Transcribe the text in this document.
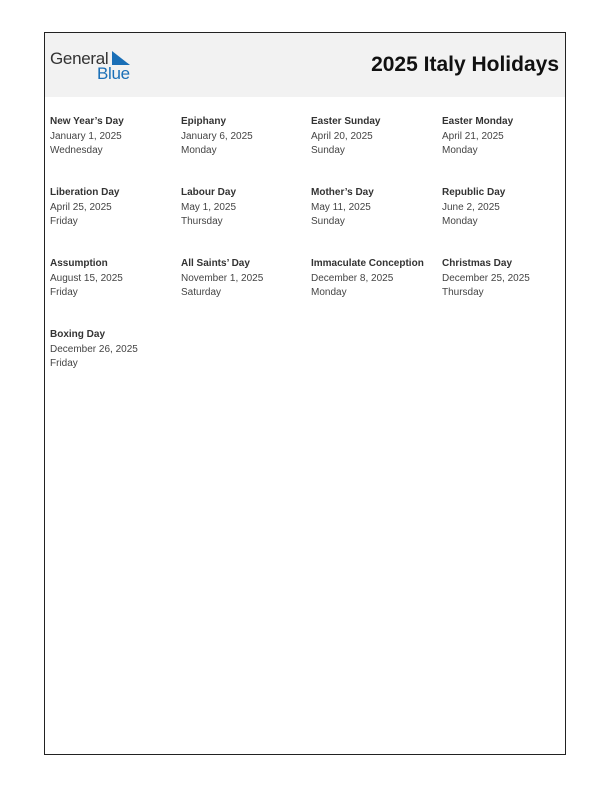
General
Blue	2025 Italy Holidays
New Year’s Day
January 1, 2025
Wednesday
Epiphany
January 6, 2025
Monday
Easter Sunday
April 20, 2025
Sunday
Easter Monday
April 21, 2025
Monday
Liberation Day
April 25, 2025
Friday
Labour Day
May 1, 2025
Thursday
Mother’s Day
May 11, 2025
Sunday
Republic Day
June 2, 2025
Monday
Assumption
August 15, 2025
Friday
All Saints’ Day
November 1, 2025
Saturday
Immaculate Conception
December 8, 2025
Monday
Christmas Day
December 25, 2025
Thursday
Boxing Day
December 26, 2025
Friday
